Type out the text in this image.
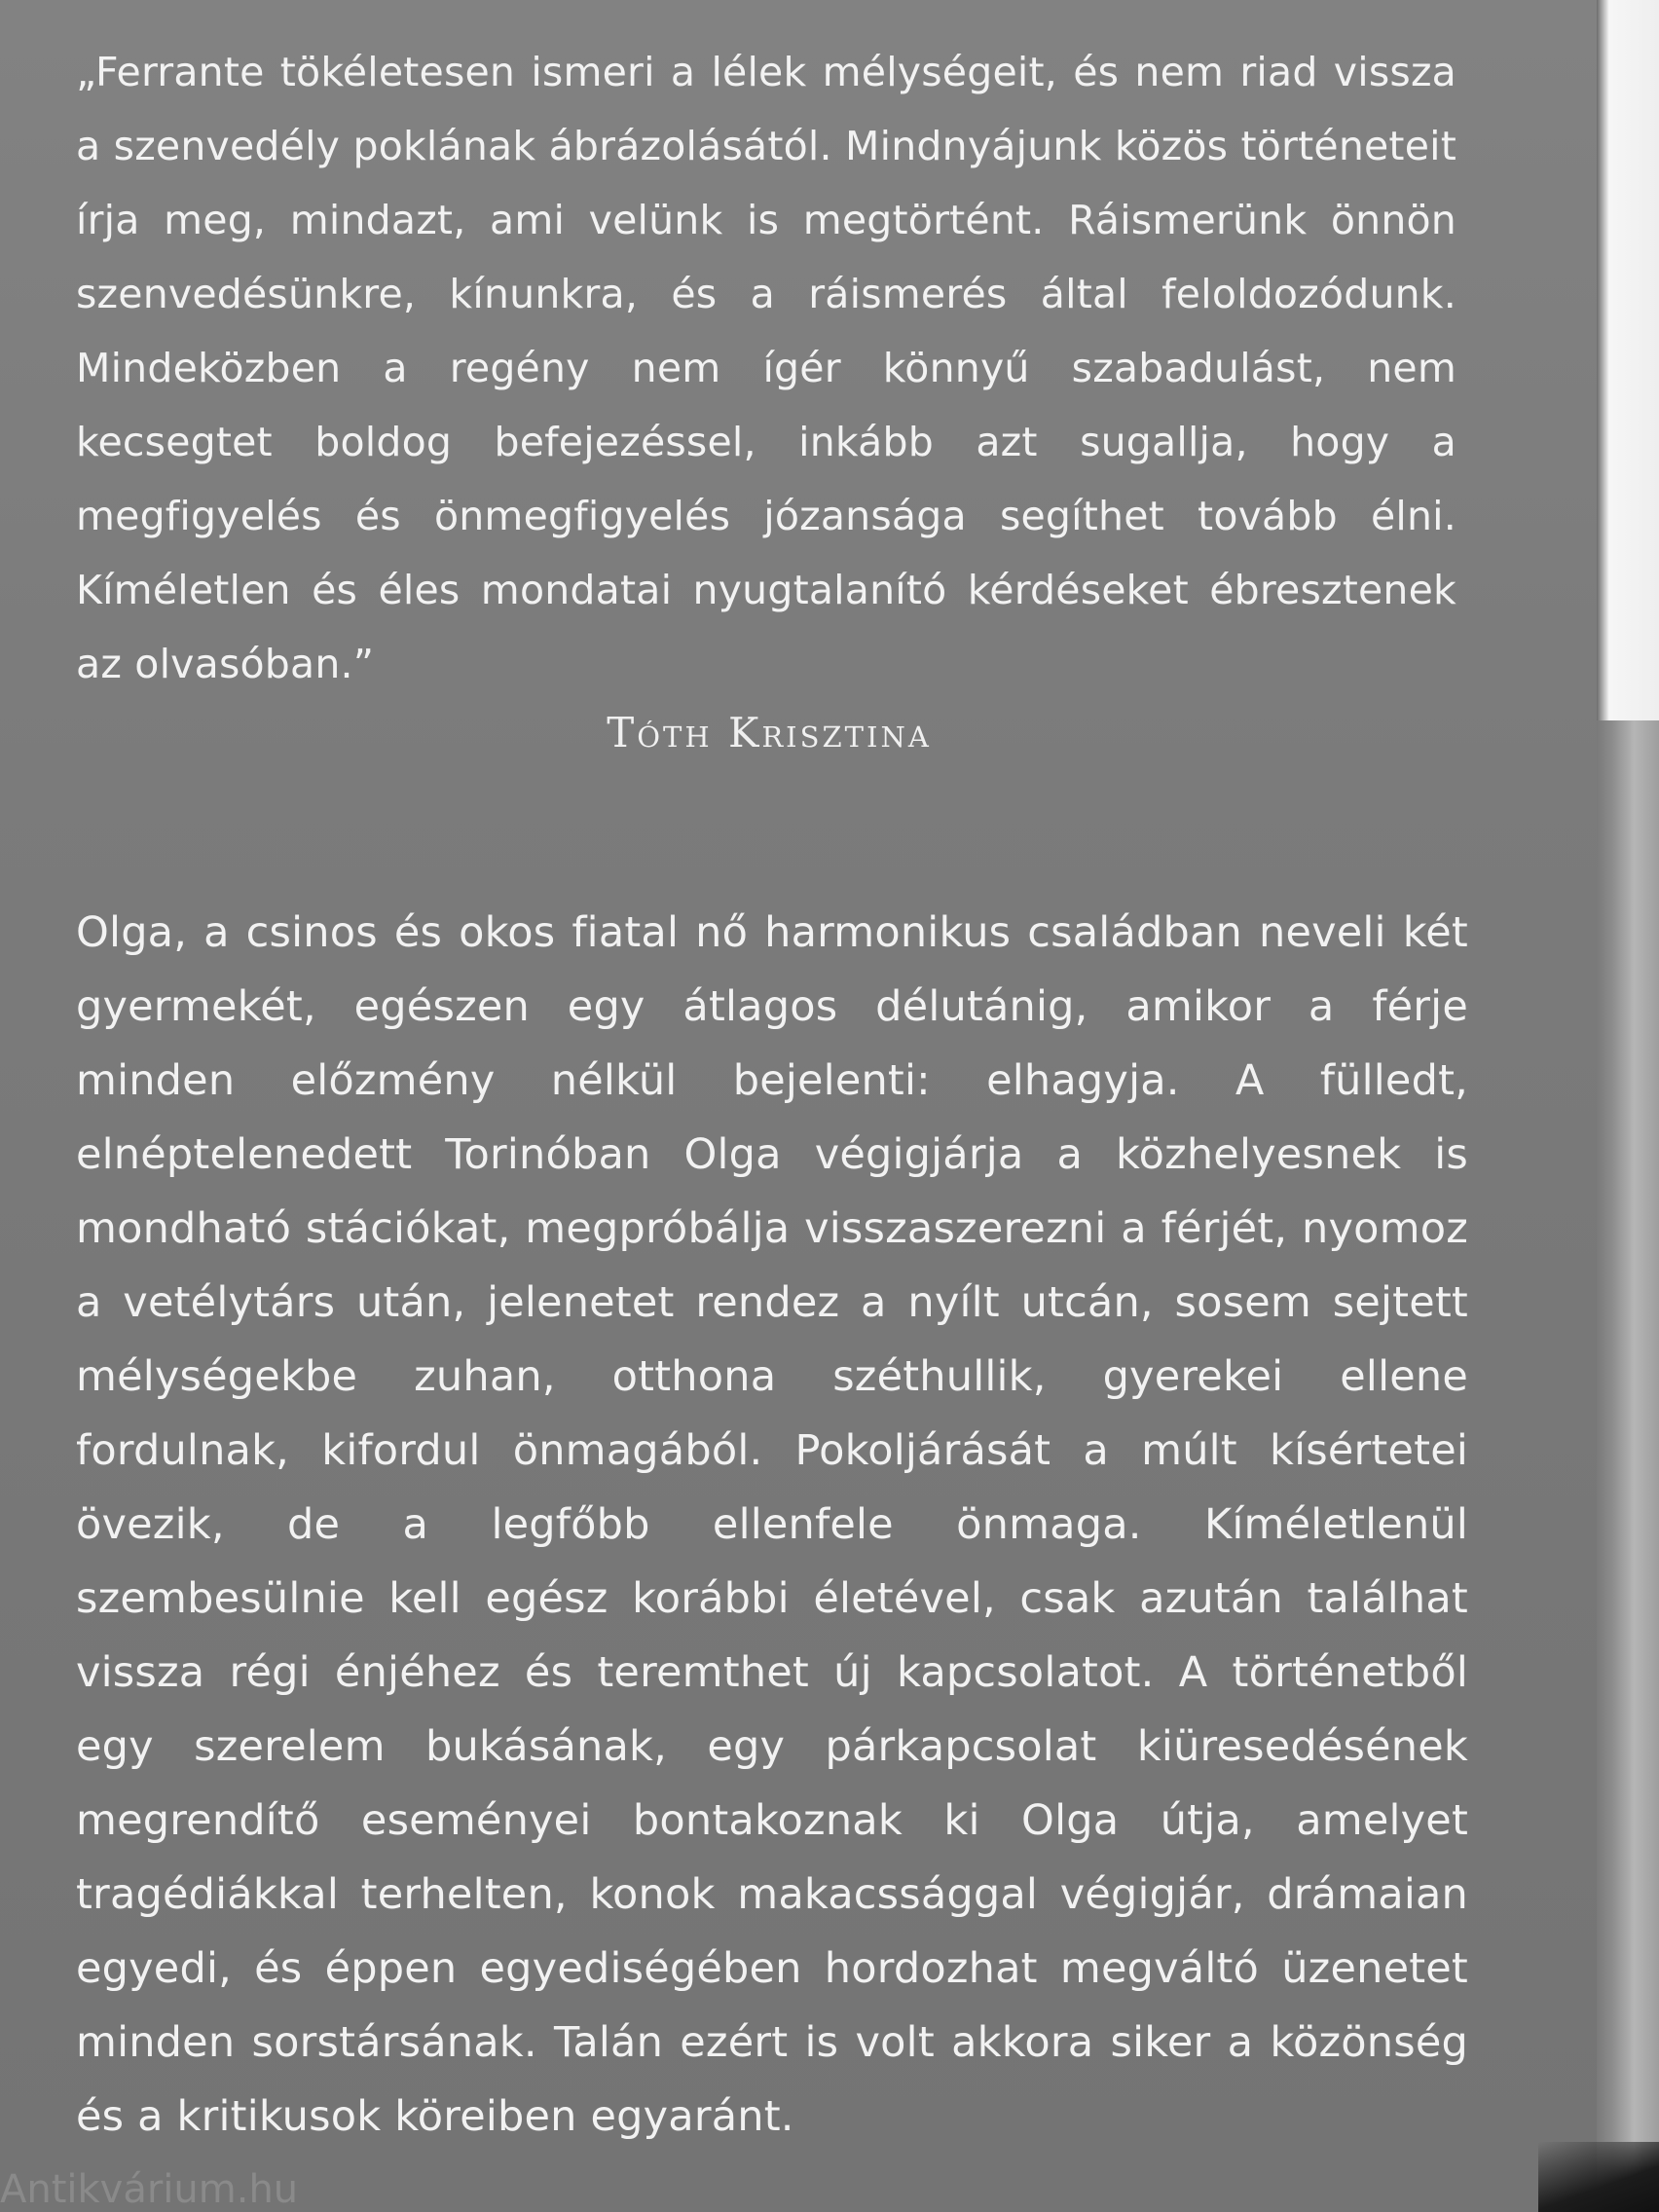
„Ferrante tökéletesen ismeri a lélek mélységeit, és nem riad vissza a szenvedély poklának ábrázolásától. Mindnyájunk közös történeteit írja meg, mindazt, ami velünk is megtörtént. Ráismerünk önnön szenvedésünkre, kínunkra, és a ráismerés által feloldozódunk. Mindeközben a regény nem ígér könnyű szabadulást, nem kecsegtet boldog befejezéssel, inkább azt sugallja, hogy a megfigyelés és önmegfigyelés józansága segíthet tovább élni. Kíméletlen és éles mondatai nyugtalanító kérdéseket ébresztenek az olvasóban.”

Tóth Krisztina

Olga, a csinos és okos fiatal nő harmonikus családban neveli két gyermekét, egészen egy átlagos délutánig, amikor a férje minden előzmény nélkül bejelenti: elhagyja. A fülledt, elnéptelenedett Torinóban Olga végigjárja a közhelyesnek is mondható stációkat, megpróbálja visszaszerezni a férjét, nyomoz a vetélytárs után, jelenetet rendez a nyílt utcán, sosem sejtett mélységekbe zuhan, otthona széthullik, gyerekei ellene fordulnak, kifordul önmagából. Pokoljárását a múlt kísértetei övezik, de a legfőbb ellenfele önmaga. Kíméletlenül szembesülnie kell egész korábbi életével, csak azután találhat vissza régi énjéhez és teremthet új kapcsolatot. A történetből egy szerelem bukásának, egy párkapcsolat kiüresedésének megrendítő eseményei bontakoznak ki Olga útja, amelyet tragédiákkal terhelten, konok makacssággal végigjár, drámaian egyedi, és éppen egyediségében hordozhat megváltó üzenetet minden sorstársának. Talán ezért is volt akkora siker a közönség és a kritikusok köreiben egyaránt.

Antikvárium.hu
